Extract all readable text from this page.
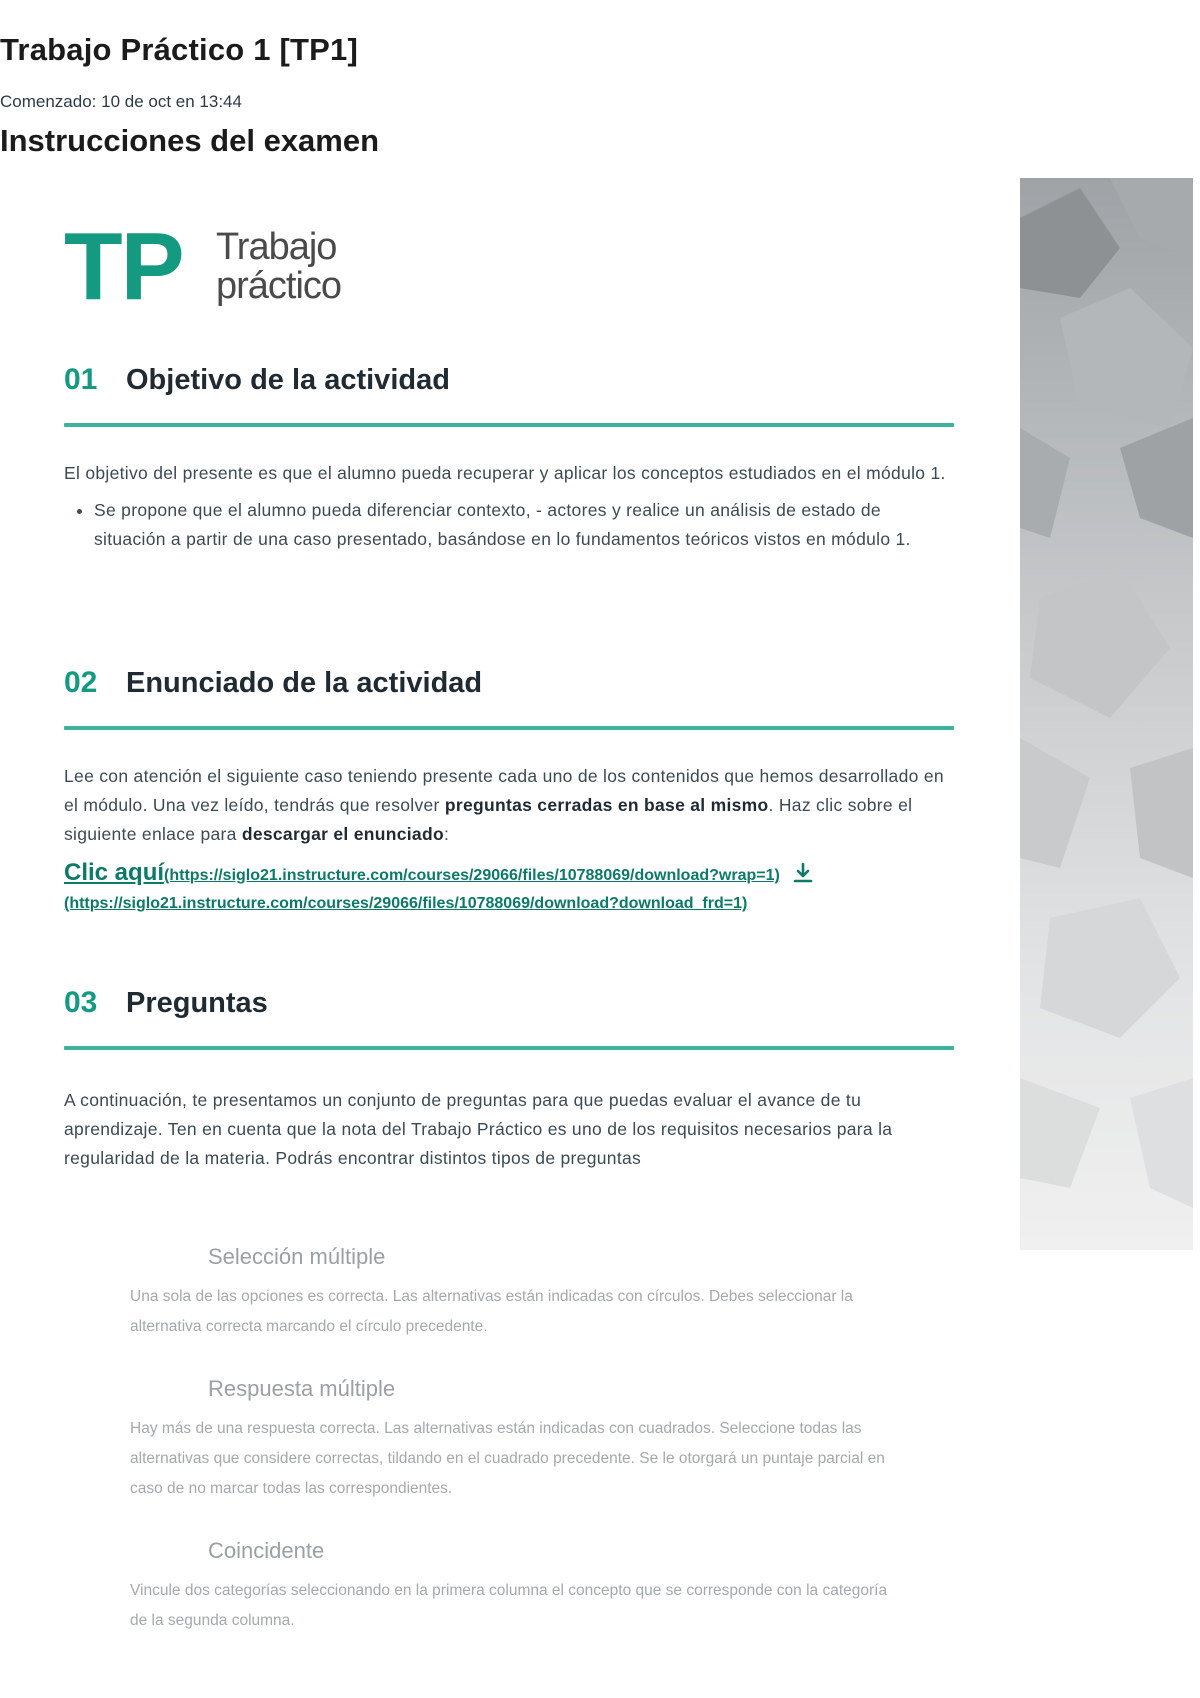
Trabajo Práctico 1 [TP1]
Comenzado: 10 de oct en 13:44
Instrucciones del examen
TP Trabajo
práctico
01 Objetivo de la actividad

El objetivo del presente es que el alumno pueda recuperar y aplicar los conceptos estudiados en el módulo 1.

• Se propone que el alumno pueda diferenciar contexto, - actores y realice un análisis de estado de situación a partir de una caso presentado, basándose en lo fundamentos teóricos vistos en módulo 1.
02 Enunciado de la actividad

Lee con atención el siguiente caso teniendo presente cada uno de los contenidos que hemos desarrollado en el módulo. Una vez leído, tendrás que resolver preguntas cerradas en base al mismo. Haz clic sobre el siguiente enlace para descargar el enunciado:

Clic aquí(https://siglo21.instructure.com/courses/29066/files/10788069/download?wrap=1)
(https://siglo21.instructure.com/courses/29066/files/10788069/download?download_frd=1)
03 Preguntas

A continuación, te presentamos un conjunto de preguntas para que puedas evaluar el avance de tu aprendizaje. Ten en cuenta que la nota del Trabajo Práctico es uno de los requisitos necesarios para la regularidad de la materia. Podrás encontrar distintos tipos de preguntas

Selección múltiple

Una sola de las opciones es correcta. Las alternativas están indicadas con círculos. Debes seleccionar la alternativa correcta marcando el círculo precedente.

Respuesta múltiple

Hay más de una respuesta correcta. Las alternativas están indicadas con cuadrados. Seleccione todas las alternativas que considere correctas, tildando en el cuadrado precedente. Se le otorgará un puntaje parcial en caso de no marcar todas las correspondientes.

Coincidente

Vincule dos categorías seleccionando en la primera columna el concepto que se corresponde con la categoría de la segunda columna.
